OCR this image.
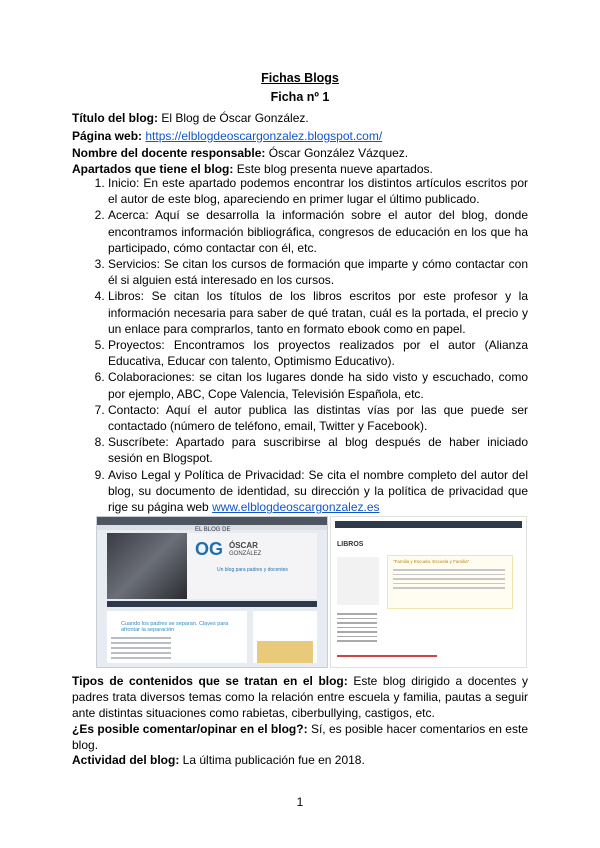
Fichas Blogs
Ficha nº 1
Título del blog: El Blog de Óscar González.
Página web: https://elblogdeoscargonzalez.blogspot.com/
Nombre del docente responsable: Óscar González Vázquez.
Apartados que tiene el blog: Este blog presenta nueve apartados.
1. Inicio: En este apartado podemos encontrar los distintos artículos escritos por el autor de este blog, apareciendo en primer lugar el último publicado.
2. Acerca: Aquí se desarrolla la información sobre el autor del blog, donde encontramos información bibliográfica, congresos de educación en los que ha participado, cómo contactar con él, etc.
3. Servicios: Se citan los cursos de formación que imparte y cómo contactar con él si alguien está interesado en los cursos.
4. Libros: Se citan los títulos de los libros escritos por este profesor y la información necesaria para saber de qué tratan, cuál es la portada, el precio y un enlace para comprarlos, tanto en formato ebook como en papel.
5. Proyectos: Encontramos los proyectos realizados por el autor (Alianza Educativa, Educar con talento, Optimismo Educativo).
6. Colaboraciones: se citan los lugares donde ha sido visto y escuchado, como por ejemplo, ABC, Cope Valencia, Televisión Española, etc.
7. Contacto: Aquí el autor publica las distintas vías por las que puede ser contactado (número de teléfono, email, Twitter y Facebook).
8. Suscríbete: Apartado para suscribirse al blog después de haber iniciado sesión en Blogspot.
9. Aviso Legal y Política de Privacidad: Se cita el nombre completo del autor del blog, su documento de identidad, su dirección y la política de privacidad que rige su página web www.elblogdeoscargonzalez.es
EL BLOG DE
OG ÓSCAR
GONZÁLEZ
Un blog para padres y docentes
Cuando los padres se separan. Claves para afrontar la separación
LIBROS
"Familia y Escuela. Escuela y Familia"
Tipos de contenidos que se tratan en el blog: Este blog dirigido a docentes y padres trata diversos temas como la relación entre escuela y familia, pautas a seguir ante distintas situaciones como rabietas, ciberbullying, castigos, etc.
¿Es posible comentar/opinar en el blog?: Sí, es posible hacer comentarios en este blog.
Actividad del blog: La última publicación fue en 2018.
1
